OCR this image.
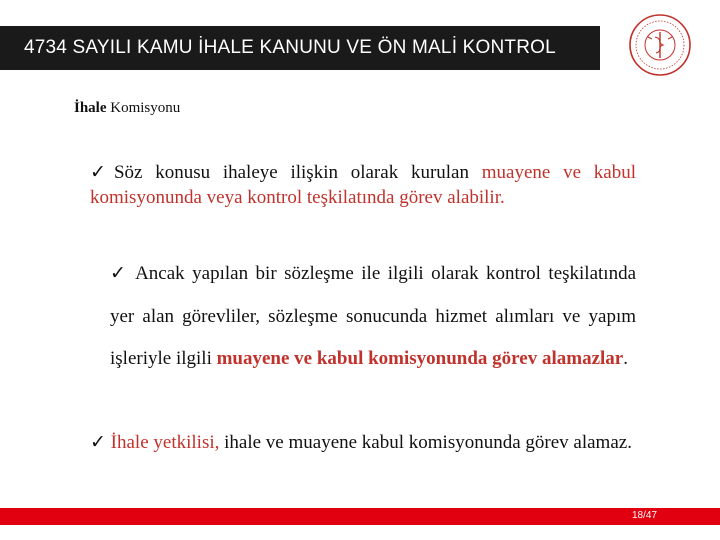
4734 SAYILI KAMU İHALE KANUNU VE ÖN MALİ KONTROL
İhale Komisyonu
✓Söz konusu ihaleye ilişkin olarak kurulan muayene ve kabul komisyonunda veya kontrol teşkilatında görev alabilir.
✓ Ancak yapılan bir sözleşme ile ilgili olarak kontrol teşkilatında yer alan görevliler, sözleşme sonucunda hizmet alımları ve yapım işleriyle ilgili muayene ve kabul komisyonunda görev alamazlar.
✓ İhale yetkilisi, ihale ve muayene kabul komisyonunda görev alamaz.
18/47
